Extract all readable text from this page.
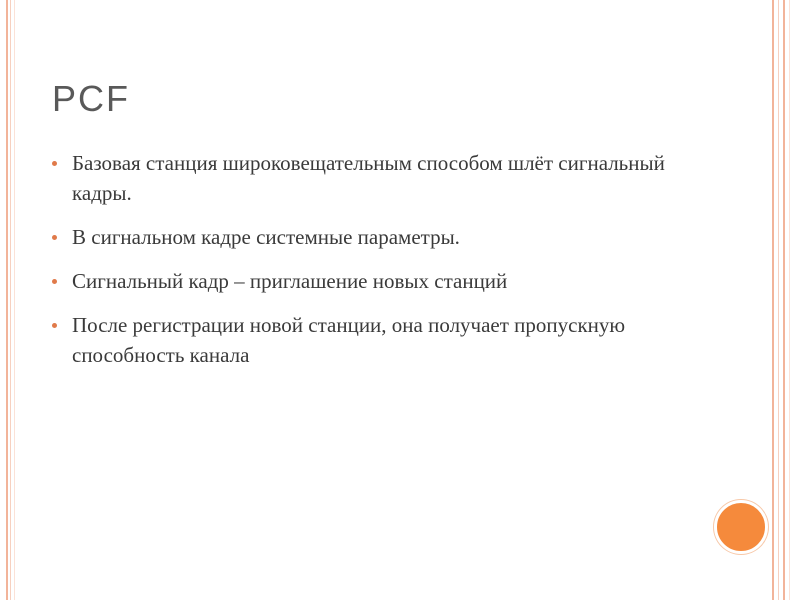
PCF
Базовая станция широковещательным способом шлёт сигнальный кадры.
В сигнальном кадре системные параметры.
Сигнальный кадр – приглашение новых станций
После регистрации новой станции, она получает пропускную способность канала
